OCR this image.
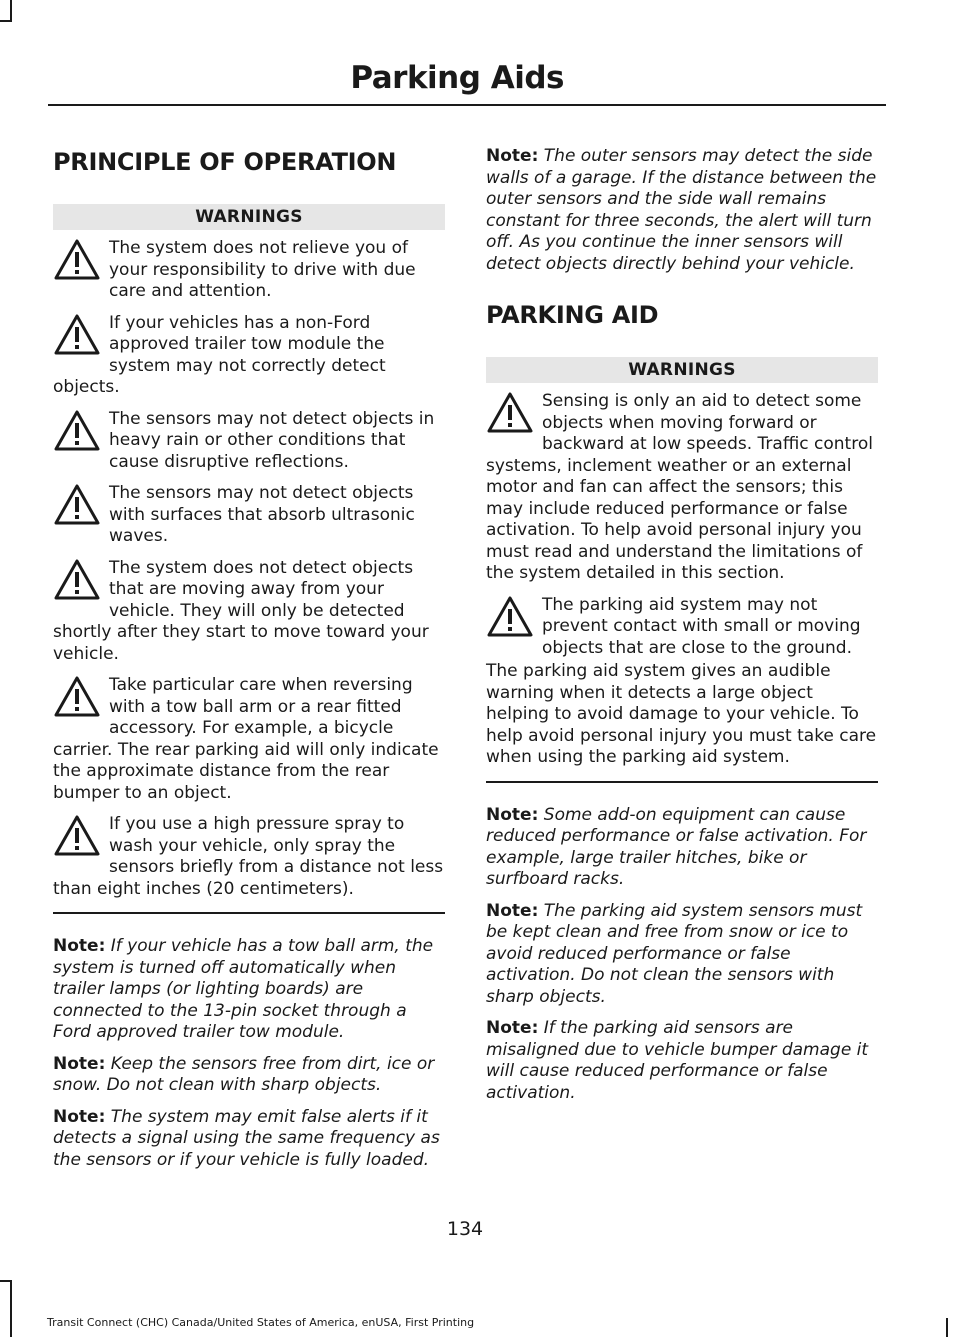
Parking Aids
PRINCIPLE OF OPERATION
WARNINGS
The system does not relieve you of your responsibility to drive with due care and attention.
If your vehicles has a non-Ford approved trailer tow module the system may not correctly detect objects.
The sensors may not detect objects in heavy rain or other conditions that cause disruptive reflections.
The sensors may not detect objects with surfaces that absorb ultrasonic waves.
The system does not detect objects that are moving away from your vehicle. They will only be detected shortly after they start to move toward your vehicle.
Take particular care when reversing with a tow ball arm or a rear fitted accessory. For example, a bicycle carrier. The rear parking aid will only indicate the approximate distance from the rear bumper to an object.
If you use a high pressure spray to wash your vehicle, only spray the sensors briefly from a distance not less than eight inches (20 centimeters).

Note: If your vehicle has a tow ball arm, the system is turned off automatically when trailer lamps (or lighting boards) are connected to the 13-pin socket through a Ford approved trailer tow module.

Note: Keep the sensors free from dirt, ice or snow. Do not clean with sharp objects.

Note: The system may emit false alerts if it detects a signal using the same frequency as the sensors or if your vehicle is fully loaded.

Note: The outer sensors may detect the side walls of a garage. If the distance between the outer sensors and the side wall remains constant for three seconds, the alert will turn off. As you continue the inner sensors will detect objects directly behind your vehicle.

PARKING AID
WARNINGS
Sensing is only an aid to detect some objects when moving forward or backward at low speeds. Traffic control systems, inclement weather or an external motor and fan can affect the sensors; this may include reduced performance or false activation. To help avoid personal injury you must read and understand the limitations of the system detailed in this section.
The parking aid system may not prevent contact with small or moving objects that are close to the ground.

The parking aid system gives an audible warning when it detects a large object helping to avoid damage to your vehicle. To help avoid personal injury you must take care when using the parking aid system.

Note: Some add-on equipment can cause reduced performance or false activation. For example, large trailer hitches, bike or surfboard racks.

Note: The parking aid system sensors must be kept clean and free from snow or ice to avoid reduced performance or false activation. Do not clean the sensors with sharp objects.

Note: If the parking aid sensors are misaligned due to vehicle bumper damage it will cause reduced performance or false activation.

134
Transit Connect (CHC) Canada/United States of America, enUSA, First Printing
